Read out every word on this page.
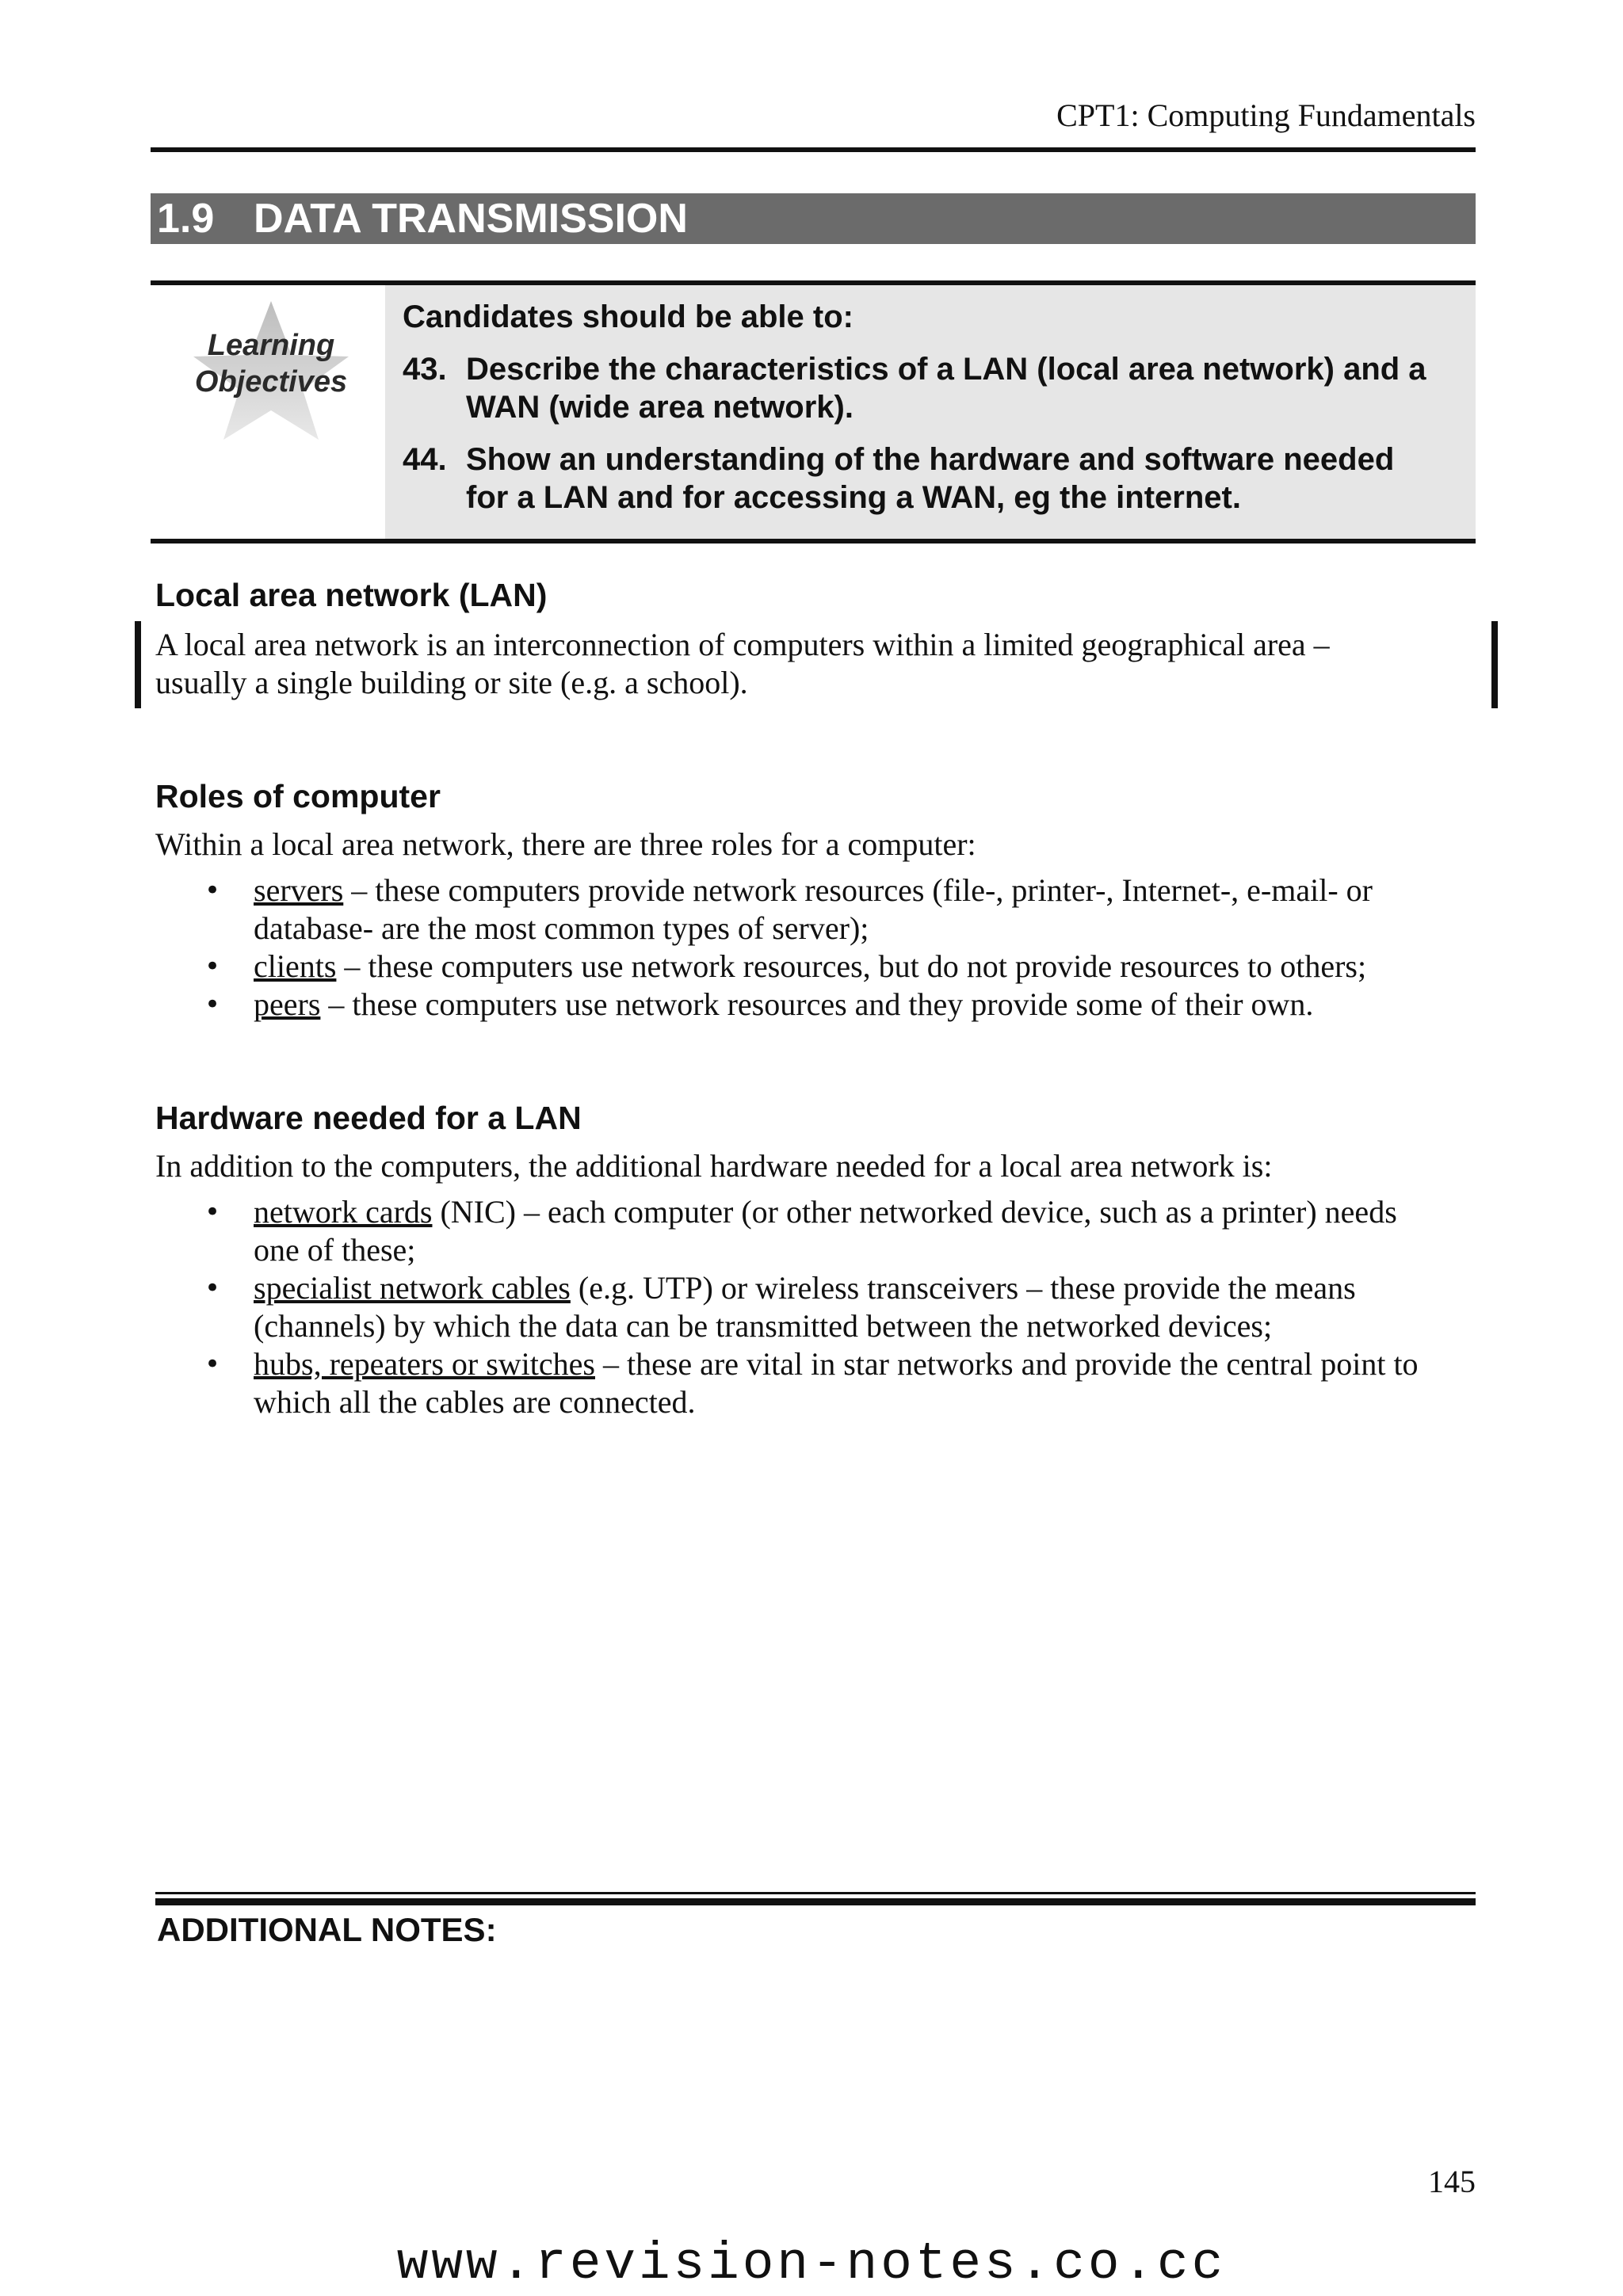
CPT1: Computing Fundamentals
1.9 DATA TRANSMISSION
Learning
Objectives
Candidates should be able to:
43. Describe the characteristics of a LAN (local area network) and a WAN (wide area network).
44. Show an understanding of the hardware and software needed for a LAN and for accessing a WAN, eg the internet.
Local area network (LAN)
A local area network is an interconnection of computers within a limited geographical area –
usually a single building or site (e.g. a school).
Roles of computer
Within a local area network, there are three roles for a computer:
• servers – these computers provide network resources (file-, printer-, Internet-, e-mail- or
database- are the most common types of server);
• clients – these computers use network resources, but do not provide resources to others;
• peers – these computers use network resources and they provide some of their own.
Hardware needed for a LAN
In addition to the computers, the additional hardware needed for a local area network is:
• network cards (NIC) – each computer (or other networked device, such as a printer) needs
one of these;
• specialist network cables (e.g. UTP) or wireless transceivers – these provide the means
(channels) by which the data can be transmitted between the networked devices;
• hubs, repeaters or switches – these are vital in star networks and provide the central point to
which all the cables are connected.
ADDITIONAL NOTES:
145
www.revision-notes.co.cc
